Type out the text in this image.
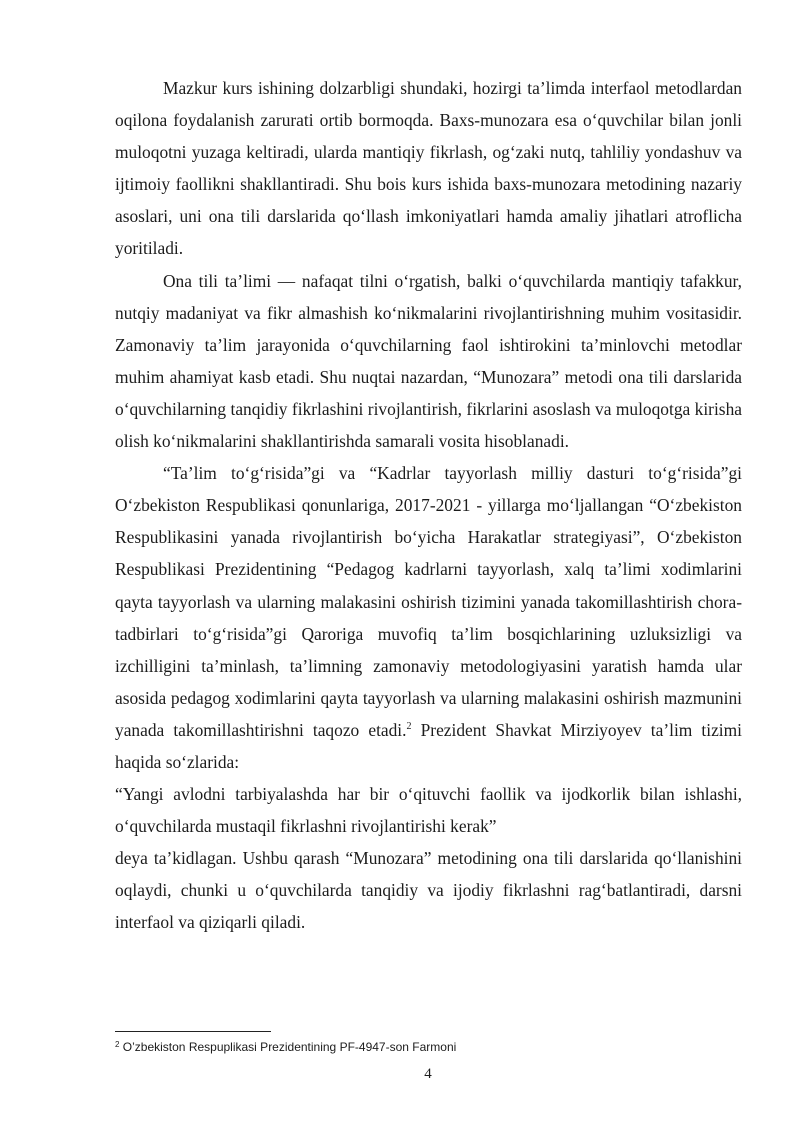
Mazkur kurs ishining dolzarbligi shundaki, hozirgi ta’limda interfaol metodlardan oqilona foydalanish zarurati ortib bormoqda. Baxs-munozara esa o‘quvchilar bilan jonli muloqotni yuzaga keltiradi, ularda mantiqiy fikrlash, og‘zaki nutq, tahliliy yondashuv va ijtimoiy faollikni shakllantiradi. Shu bois kurs ishida baxs-munozara metodining nazariy asoslari, uni ona tili darslarida qo‘llash imkoniyatlari hamda amaliy jihatlari atroflicha yoritiladi.

Ona tili ta’limi — nafaqat tilni o‘rgatish, balki o‘quvchilarda mantiqiy tafakkur, nutqiy madaniyat va fikr almashish ko‘nikmalarini rivojlantirishning muhim vositasidir. Zamonaviy ta’lim jarayonida o‘quvchilarning faol ishtirokini ta’minlovchi metodlar muhim ahamiyat kasb etadi. Shu nuqtai nazardan, “Munozara” metodi ona tili darslarida o‘quvchilarning tanqidiy fikrlashini rivojlantirish, fikrlarini asoslash va muloqotga kirisha olish ko‘nikmalarini shakllantirishda samarali vosita hisoblanadi.

“Ta’lim to‘g‘risida”gi va “Kadrlar tayyorlash milliy dasturi to‘g‘risida”gi O‘zbekiston Respublikasi qonunlariga, 2017-2021 - yillarga mo‘ljallangan “O‘zbekiston Respublikasini yanada rivojlantirish bo‘yicha Harakatlar strategiyasi”, O‘zbekiston Respublikasi Prezidentining “Pedagog kadrlarni tayyorlash, xalq ta’limi xodimlarini qayta tayyorlash va ularning malakasini oshirish tizimini yanada takomillashtirish chora-tadbirlari to‘g‘risida”gi Qaroriga muvofiq ta’lim bosqichlarining uzluksizligi va izchilligini ta’minlash, ta’limning zamonaviy metodologiyasini yaratish hamda ular asosida pedagog xodimlarini qayta tayyorlash va ularning malakasini oshirish mazmunini yanada takomillashtirishni taqozo etadi.$^2$ Prezident Shavkat Mirziyoyev ta’lim tizimi haqida so‘zlarida:

“Yangi avlodni tarbiyalashda har bir o‘qituvchi faollik va ijodkorlik bilan ishlashi, o‘quvchilarda mustaqil fikrlashni rivojlantirishi kerak”

deya ta’kidlagan. Ushbu qarash “Munozara” metodining ona tili darslarida qo‘llanishini oqlaydi, chunki u o‘quvchilarda tanqidiy va ijodiy fikrlashni rag‘batlantiradi, darsni interfaol va qiziqarli qiladi.

$^2$ O’zbekiston Respuplikasi Prezidentining PF-4947-son Farmoni
4
